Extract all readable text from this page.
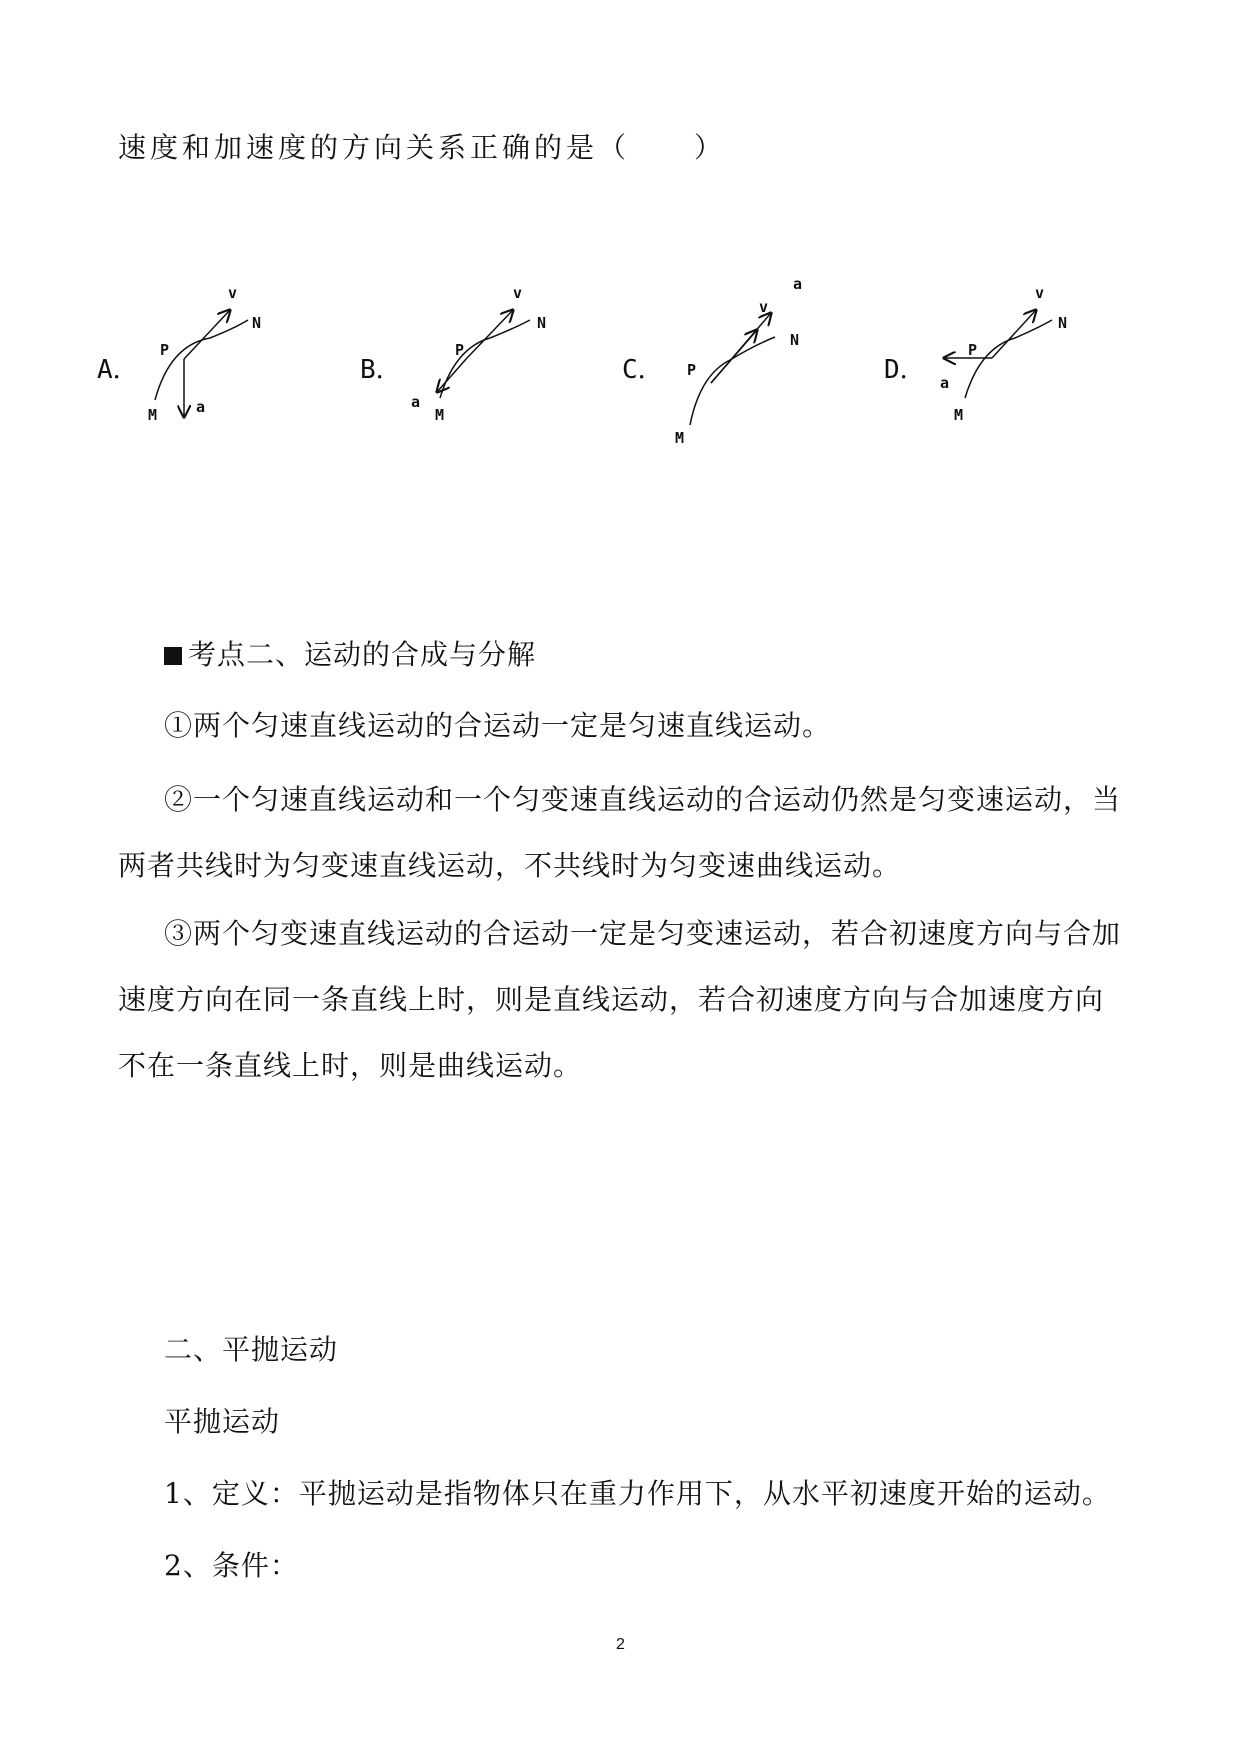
速度和加速度的方向关系正确的是（　　）
A．
v
N
P
M	a
B．
v
N
P
M
a
C．
v
N
P
M
a
D．
v
N
P
M
a
考点二、运动的合成与分解
①两个匀速直线运动的合运动一定是匀速直线运动。
②一个匀速直线运动和一个匀变速直线运动的合运动仍然是匀变速运动，当
两者共线时为匀变速直线运动，不共线时为匀变速曲线运动。
③两个匀变速直线运动的合运动一定是匀变速运动，若合初速度方向与合加
速度方向在同一条直线上时，则是直线运动，若合初速度方向与合加速度方向
不在一条直线上时，则是曲线运动。
二、平抛运动
平抛运动
1、定义：平抛运动是指物体只在重力作用下，从水平初速度开始的运动。
2、条件：
2
